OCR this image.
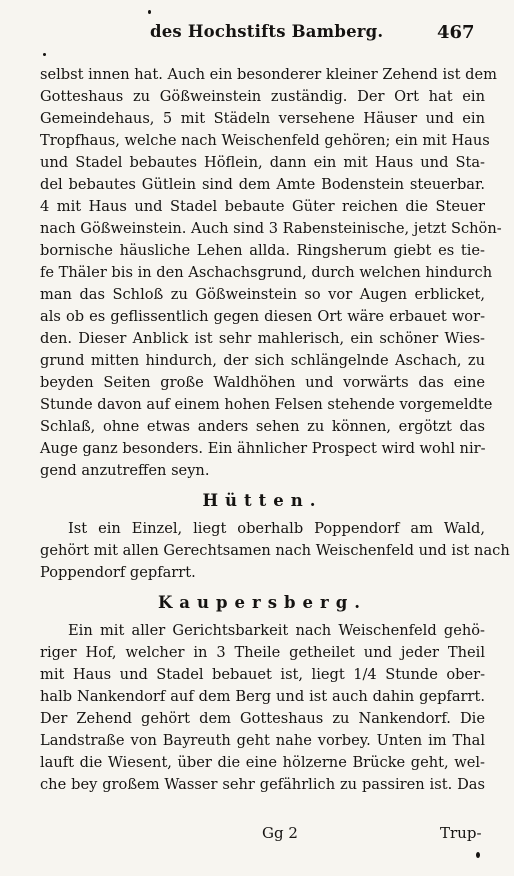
des Hochstifts Bamberg.	467
selbst innen hat. Auch ein besonderer kleiner Zehend ist dem
Gotteshaus zu Gößweinstein zuständig. Der Ort hat ein
Gemeindehaus, 5 mit Städeln versehene Häuser und ein
Tropfhaus, welche nach Weischenfeld gehören; ein mit Haus
und Stadel bebautes Höflein, dann ein mit Haus und Sta-
del bebautes Gütlein sind dem Amte Bodenstein steuerbar.
4 mit Haus und Stadel bebaute Güter reichen die Steuer
nach Gößweinstein. Auch sind 3 Rabensteinische, jetzt Schön-
bornische häusliche Lehen allda. Ringsherum giebt es tie-
fe Thäler bis in den Aschachsgrund, durch welchen hindurch
man das Schloß zu Gößweinstein so vor Augen erblicket,
als ob es geflissentlich gegen diesen Ort wäre erbauet wor-
den. Dieser Anblick ist sehr mahlerisch, ein schöner Wies-
grund mitten hindurch, der sich schlängelnde Aschach, zu
beyden Seiten große Waldhöhen und vorwärts das eine
Stunde davon auf einem hohen Felsen stehende vorgemeldte
Schlaß, ohne etwas anders sehen zu können, ergötzt das
Auge ganz besonders. Ein ähnlicher Prospect wird wohl nir-
gend anzutreffen seyn.
Hütten.
Ist ein Einzel, liegt oberhalb Poppendorf am Wald,
gehört mit allen Gerechtsamen nach Weischenfeld und ist nach
Poppendorf gepfarrt.
Kaupersberg.
Ein mit aller Gerichtsbarkeit nach Weischenfeld gehö-
riger Hof, welcher in 3 Theile getheilet und jeder Theil
mit Haus und Stadel bebauet ist, liegt 1/4 Stunde ober-
halb Nankendorf auf dem Berg und ist auch dahin gepfarrt.
Der Zehend gehört dem Gotteshaus zu Nankendorf. Die
Landstraße von Bayreuth geht nahe vorbey. Unten im Thal
lauft die Wiesent, über die eine hölzerne Brücke geht, wel-
che bey großem Wasser sehr gefährlich zu passiren ist. Das
Gg 2	Trup-
